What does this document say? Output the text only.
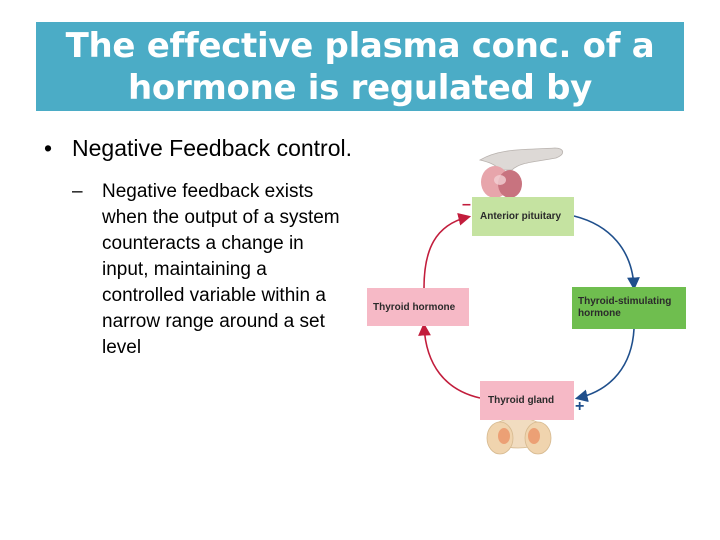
The effective plasma conc. of a
hormone is regulated by
• Negative Feedback control.
–	Negative feedback exists when the output of a system counteracts a change in input, maintaining a controlled variable within a narrow range around a set level
Anterior pituitary
Thyroid-stimulating
hormone
Thyroid hormone
Thyroid gland
–
+
